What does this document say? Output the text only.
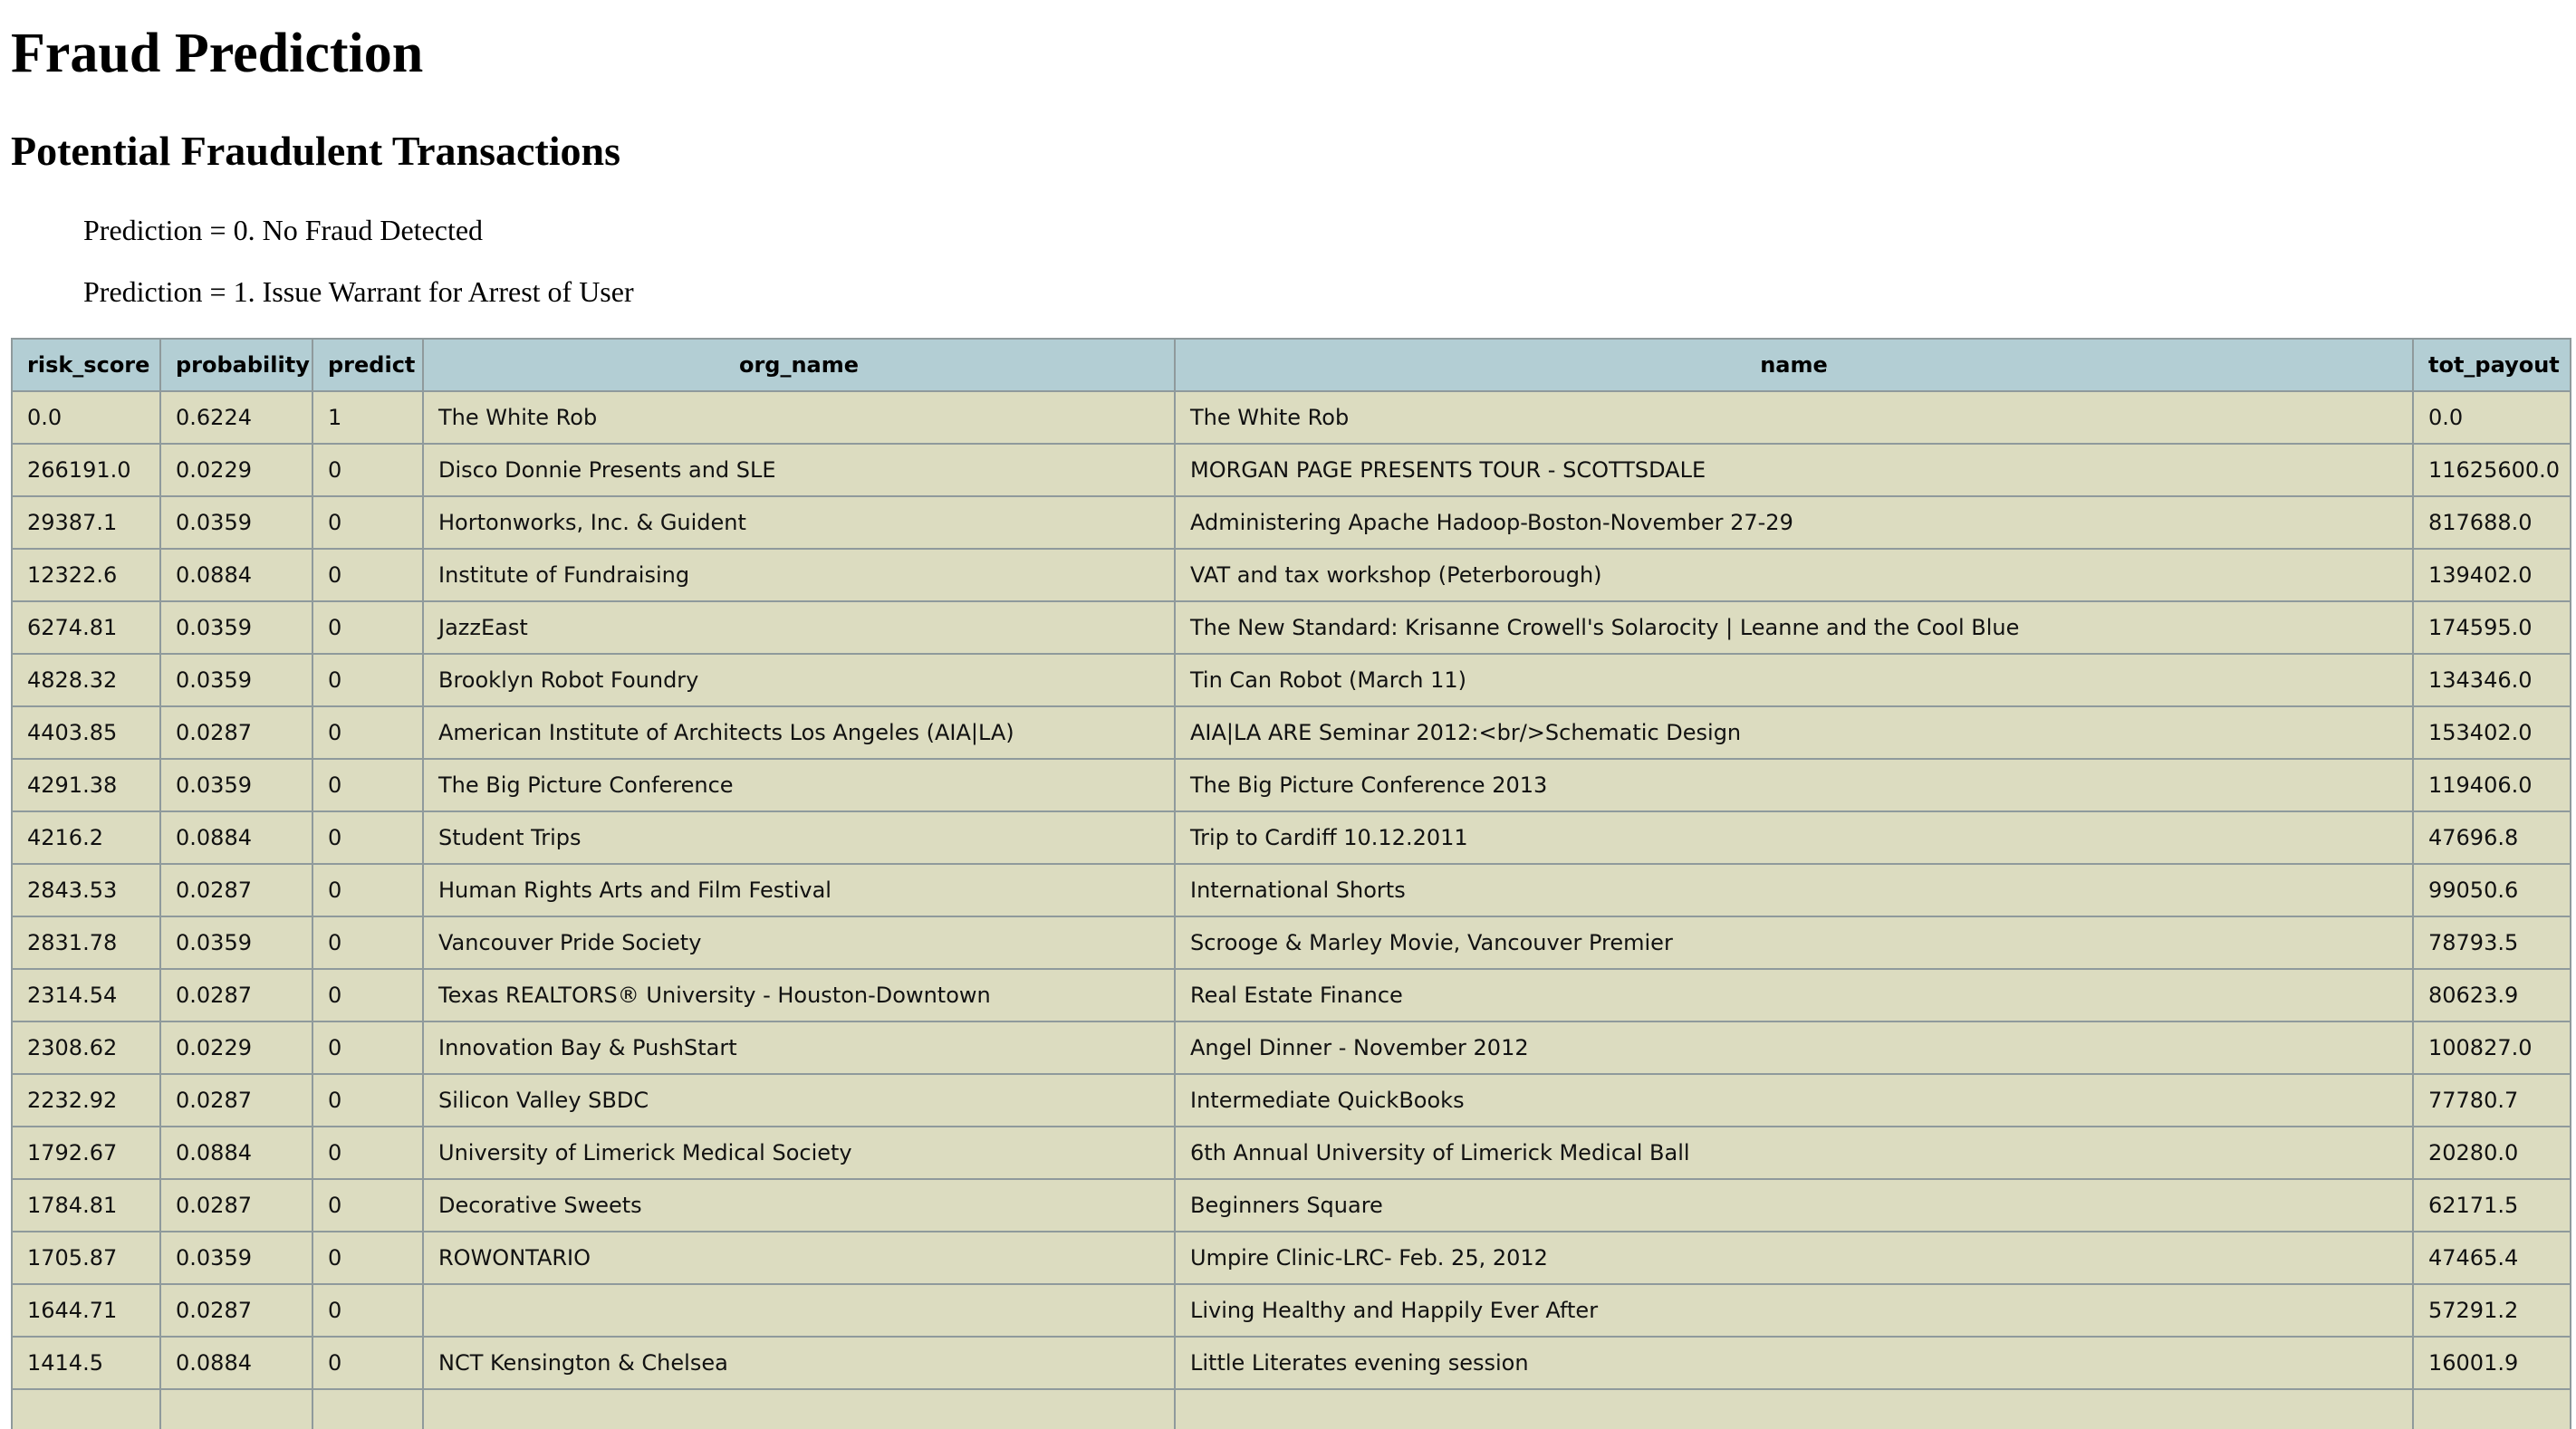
Fraud Prediction
Potential Fraudulent Transactions

Prediction = 0. No Fraud Detected

Prediction = 1. Issue Warrant for Arrest of User

risk_score	probability	predict	org_name	name	tot_payout
0.0	0.6224	1	The White Rob	The White Rob	0.0
266191.0	0.0229	0	Disco Donnie Presents and SLE	MORGAN PAGE PRESENTS TOUR - SCOTTSDALE	11625600.0
29387.1	0.0359	0	Hortonworks, Inc. & Guident	Administering Apache Hadoop-Boston-November 27-29	817688.0
12322.6	0.0884	0	Institute of Fundraising	VAT and tax workshop (Peterborough)	139402.0
6274.81	0.0359	0	JazzEast	The New Standard: Krisanne Crowell's Solarocity | Leanne and the Cool Blue	174595.0
4828.32	0.0359	0	Brooklyn Robot Foundry	Tin Can Robot (March 11)	134346.0
4403.85	0.0287	0	American Institute of Architects Los Angeles (AIA|LA)	AIA|LA ARE Seminar 2012:<br/>Schematic Design	153402.0
4291.38	0.0359	0	The Big Picture Conference	The Big Picture Conference 2013	119406.0
4216.2	0.0884	0	Student Trips	Trip to Cardiff 10.12.2011	47696.8
2843.53	0.0287	0	Human Rights Arts and Film Festival	International Shorts	99050.6
2831.78	0.0359	0	Vancouver Pride Society	Scrooge & Marley Movie, Vancouver Premier	78793.5
2314.54	0.0287	0	Texas REALTORS® University - Houston-Downtown	Real Estate Finance	80623.9
2308.62	0.0229	0	Innovation Bay & PushStart	Angel Dinner - November 2012	100827.0
2232.92	0.0287	0	Silicon Valley SBDC	Intermediate QuickBooks	77780.7
1792.67	0.0884	0	University of Limerick Medical Society	6th Annual University of Limerick Medical Ball	20280.0
1784.81	0.0287	0	Decorative Sweets	Beginners Square	62171.5
1705.87	0.0359	0	ROWONTARIO	Umpire Clinic-LRC- Feb. 25, 2012	47465.4
1644.71	0.0287	0		Living Healthy and Happily Ever After	57291.2
1414.5	0.0884	0	NCT Kensington & Chelsea	Little Literates evening session	16001.9
